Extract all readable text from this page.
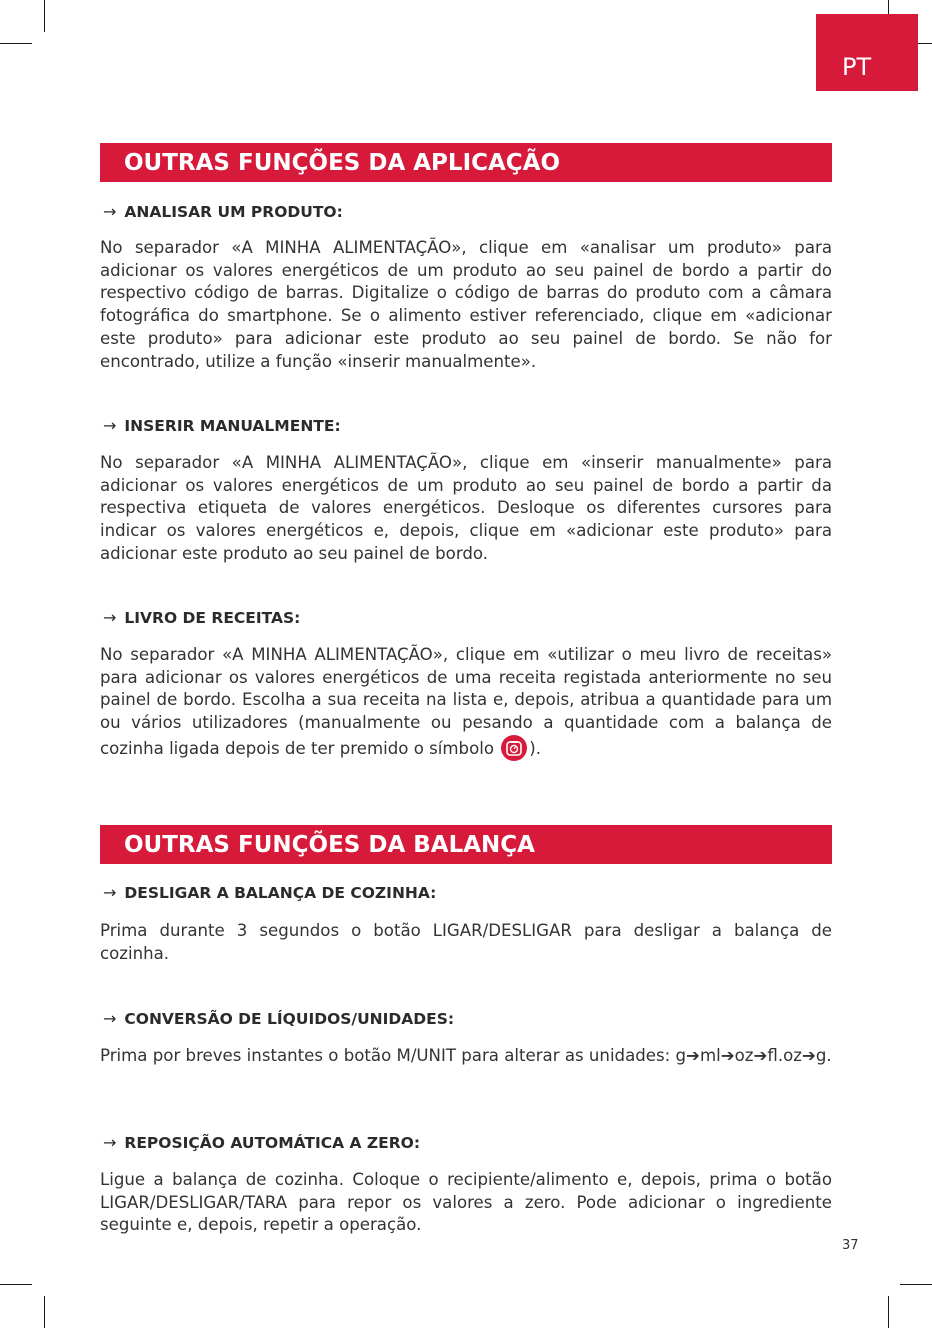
PT
OUTRAS FUNÇÕES DA APLICAÇÃO
→ ANALISAR UM PRODUTO:

No separador «A MINHA ALIMENTAÇÃO», clique em «analisar um produto» para adicionar os valores energéticos de um produto ao seu painel de bordo a partir do respectivo código de barras. Digitalize o código de barras do produto com a câmara fotográfica do smartphone. Se o alimento estiver referenciado, clique em «adicionar este produto» para adicionar este produto ao seu painel de bordo. Se não for encontrado, utilize a função «inserir manualmente».

→ INSERIR MANUALMENTE:

No separador «A MINHA ALIMENTAÇÃO», clique em «inserir manualmente» para adicionar os valores energéticos de um produto ao seu painel de bordo a partir da respectiva etiqueta de valores energéticos. Desloque os diferentes cursores para indicar os valores energéticos e, depois, clique em «adicionar este produto» para adicionar este produto ao seu painel de bordo.

→ LIVRO DE RECEITAS:

No separador «A MINHA ALIMENTAÇÃO», clique em «utilizar o meu livro de receitas» para adicionar os valores energéticos de uma receita registada anteriormente no seu painel de bordo. Escolha a sua receita na lista e, depois, atribua a quantidade para um ou vários utilizadores (manualmente ou pesando a quantidade com a balança de cozinha ligada depois de ter premido o símbolo ).

OUTRAS FUNÇÕES DA BALANÇA
→ DESLIGAR A BALANÇA DE COZINHA:

Prima durante 3 segundos o botão LIGAR/DESLIGAR para desligar a balança de cozinha.

→ CONVERSÃO DE LÍQUIDOS/UNIDADES:

Prima por breves instantes o botão M/UNIT para alterar as unidades: g➔ml➔oz➔fl.oz➔g.

→ REPOSIÇÃO AUTOMÁTICA A ZERO:

Ligue a balança de cozinha. Coloque o recipiente/alimento e, depois, prima o botão LIGAR/DESLIGAR/TARA para repor os valores a zero. Pode adicionar o ingrediente seguinte e, depois, repetir a operação.

37
